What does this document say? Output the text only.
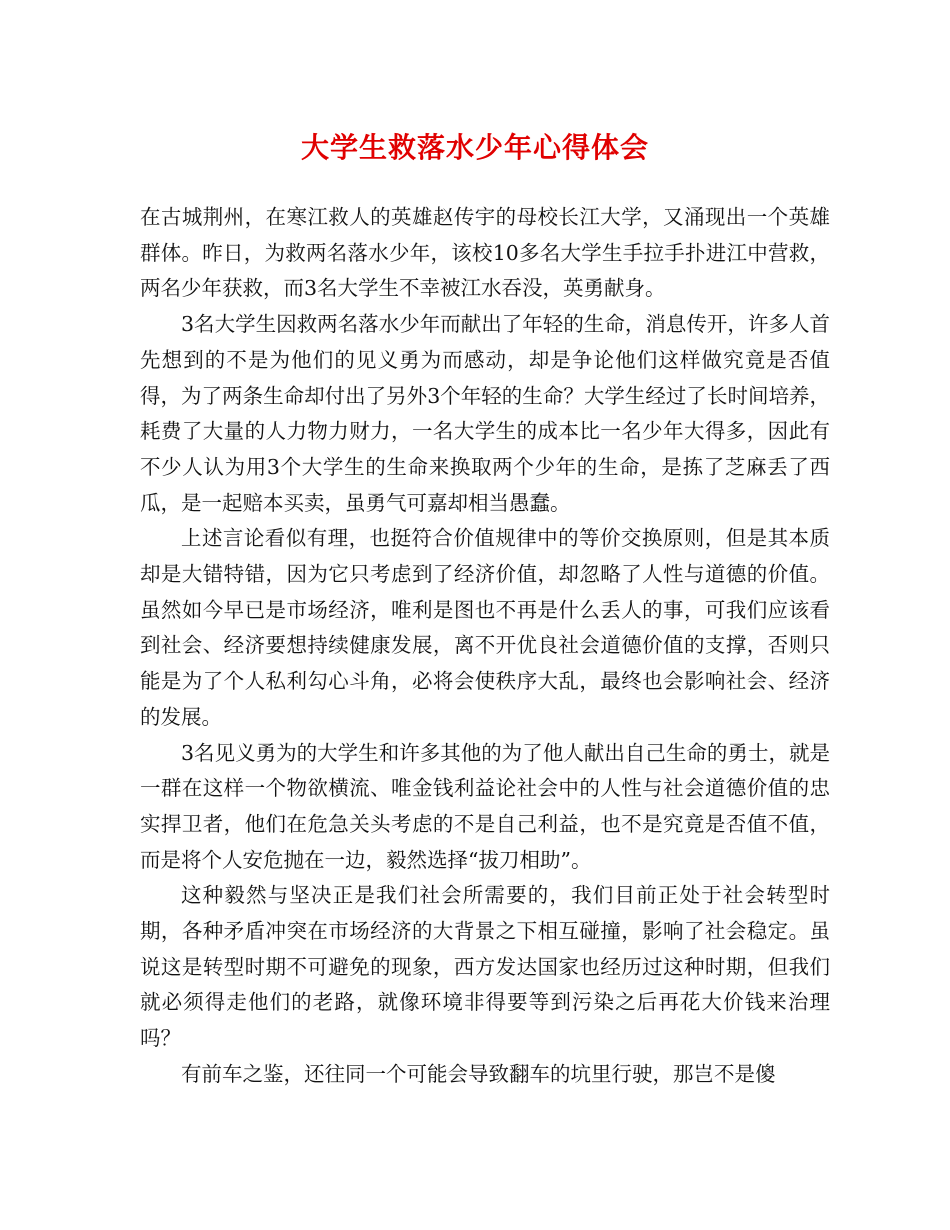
大学生救落水少年心得体会

在古城荆州，在寒江救人的英雄赵传宇的母校长江大学，又涌现出一个英雄群体。昨日，为救两名落水少年，该校10多名大学生手拉手扑进江中营救，两名少年获救，而3名大学生不幸被江水吞没，英勇献身。

3名大学生因救两名落水少年而献出了年轻的生命，消息传开，许多人首先想到的不是为他们的见义勇为而感动，却是争论他们这样做究竟是否值得，为了两条生命却付出了另外3个年轻的生命？大学生经过了长时间培养，耗费了大量的人力物力财力，一名大学生的成本比一名少年大得多，因此有不少人认为用3个大学生的生命来换取两个少年的生命，是拣了芝麻丢了西瓜，是一起赔本买卖，虽勇气可嘉却相当愚蠢。

上述言论看似有理，也挺符合价值规律中的等价交换原则，但是其本质却是大错特错，因为它只考虑到了经济价值，却忽略了人性与道德的价值。虽然如今早已是市场经济，唯利是图也不再是什么丢人的事，可我们应该看到社会、经济要想持续健康发展，离不开优良社会道德价值的支撑，否则只能是为了个人私利勾心斗角，必将会使秩序大乱，最终也会影响社会、经济的发展。

3名见义勇为的大学生和许多其他的为了他人献出自己生命的勇士，就是一群在这样一个物欲横流、唯金钱利益论社会中的人性与社会道德价值的忠实捍卫者，他们在危急关头考虑的不是自己利益，也不是究竟是否值不值，而是将个人安危抛在一边，毅然选择“拔刀相助”。

这种毅然与坚决正是我们社会所需要的，我们目前正处于社会转型时期，各种矛盾冲突在市场经济的大背景之下相互碰撞，影响了社会稳定。虽说这是转型时期不可避免的现象，西方发达国家也经历过这种时期，但我们就必须得走他们的老路，就像环境非得要等到污染之后再花大价钱来治理吗？

有前车之鉴，还往同一个可能会导致翻车的坑里行驶，那岂不是傻
